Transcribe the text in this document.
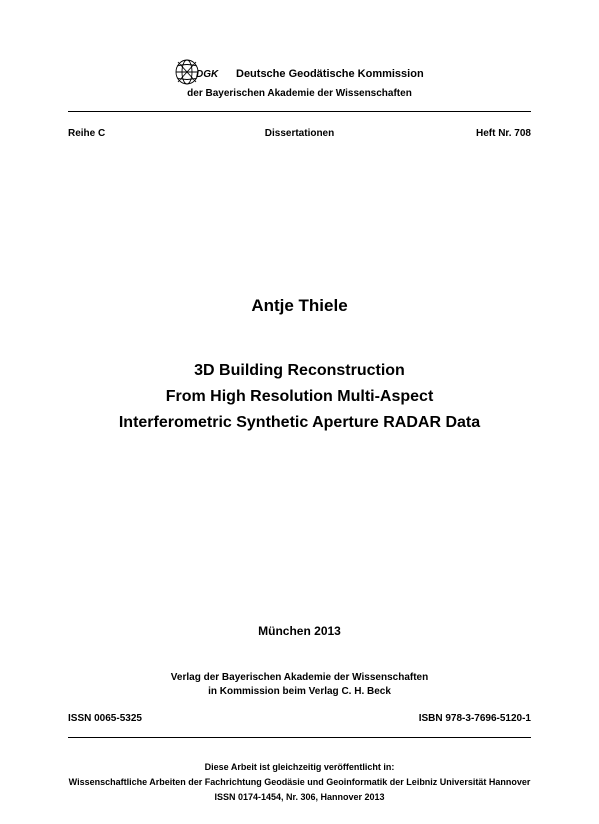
DGK Deutsche Geodätische Kommission
der Bayerischen Akademie der Wissenschaften
Dissertationen
Reihe C	Heft Nr. 708
Antje Thiele
3D Building Reconstruction
From High Resolution Multi-Aspect
Interferometric Synthetic Aperture RADAR Data
München 2013
Verlag der Bayerischen Akademie der Wissenschaften
in Kommission beim Verlag C. H. Beck
ISSN 0065-5325	ISBN 978-3-7696-5120-1
Diese Arbeit ist gleichzeitig veröffentlicht in:
Wissenschaftliche Arbeiten der Fachrichtung Geodäsie und Geoinformatik der Leibniz Universität Hannover
ISSN 0174-1454, Nr. 306, Hannover 2013
